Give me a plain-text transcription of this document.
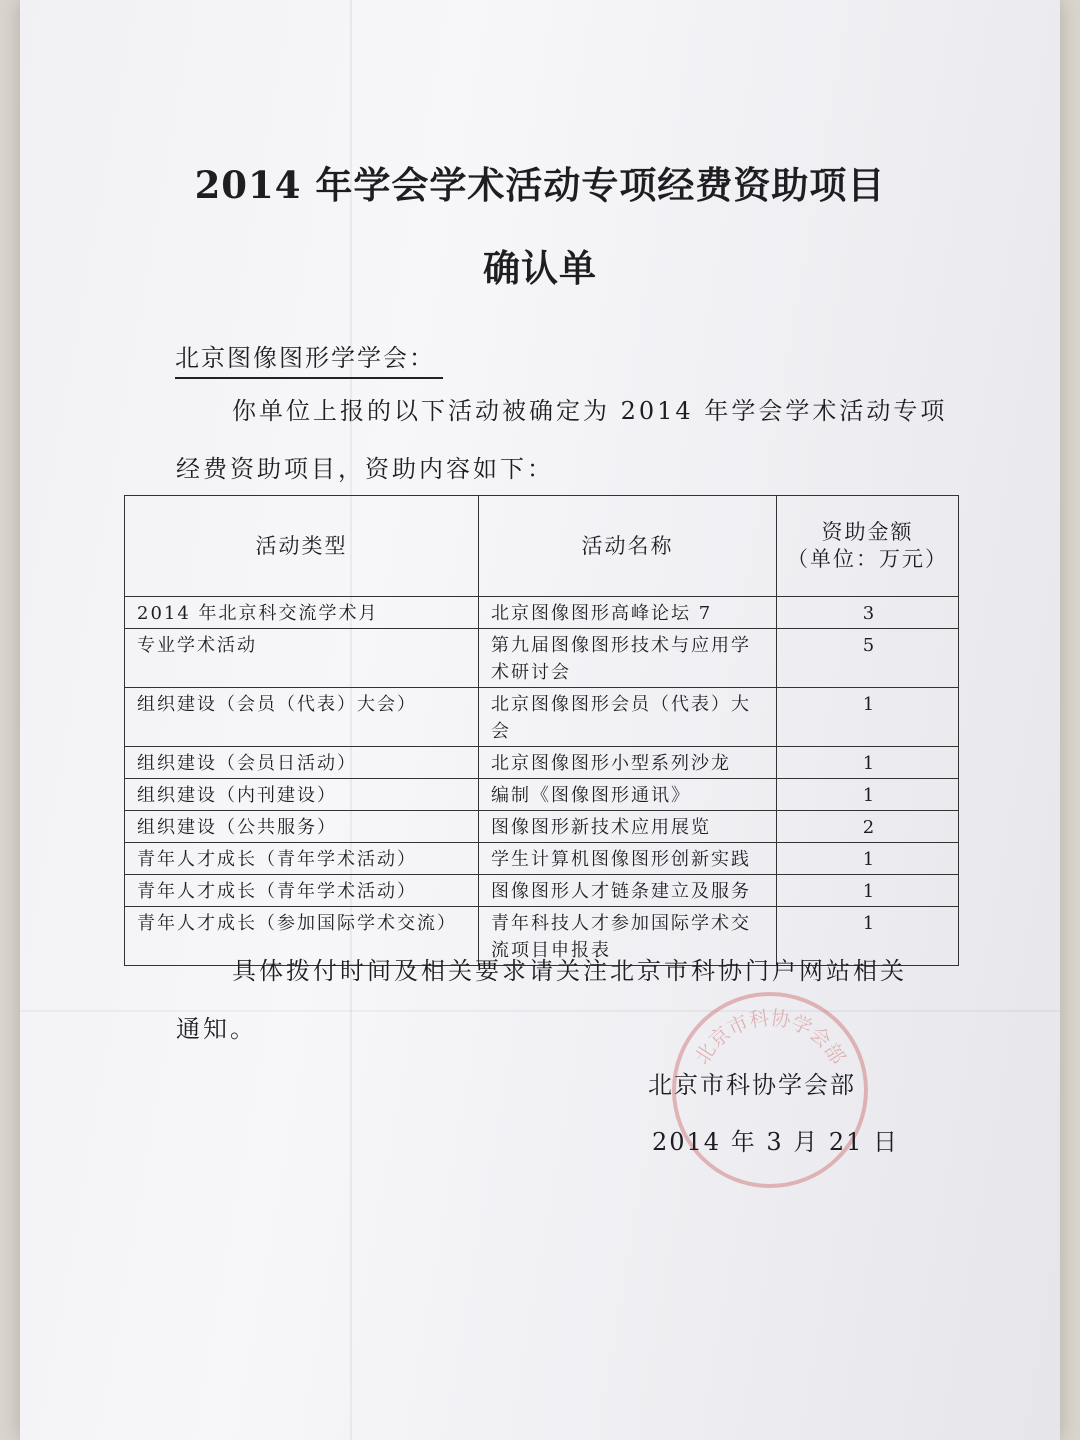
2014 年学会学术活动专项经费资助项目
确认单
北京图像图形学学会：
你单位上报的以下活动被确定为 2014 年学会学术活动专项
经费资助项目，资助内容如下：
活动类型	活动名称	资助金额
（单位：万元）

2014 年北京科交流学术月	北京图像图形高峰论坛 7	3
专业学术活动	第九届图像图形技术与应用学术研讨会	5
组织建设（会员（代表）大会）	北京图像图形会员（代表）大会	1
组织建设（会员日活动）	北京图像图形小型系列沙龙	1
组织建设（内刊建设）	编制《图像图形通讯》	1
组织建设（公共服务）	图像图形新技术应用展览	2
青年人才成长（青年学术活动）	学生计算机图像图形创新实践	1
青年人才成长（青年学术活动）	图像图形人才链条建立及服务	1
青年人才成长（参加国际学术交流）	青年科技人才参加国际学术交流项目申报表	1
具体拨付时间及相关要求请关注北京市科协门户网站相关
通知。
北京市科协学会部
北京市科协学会部
2014 年 3 月 21 日
